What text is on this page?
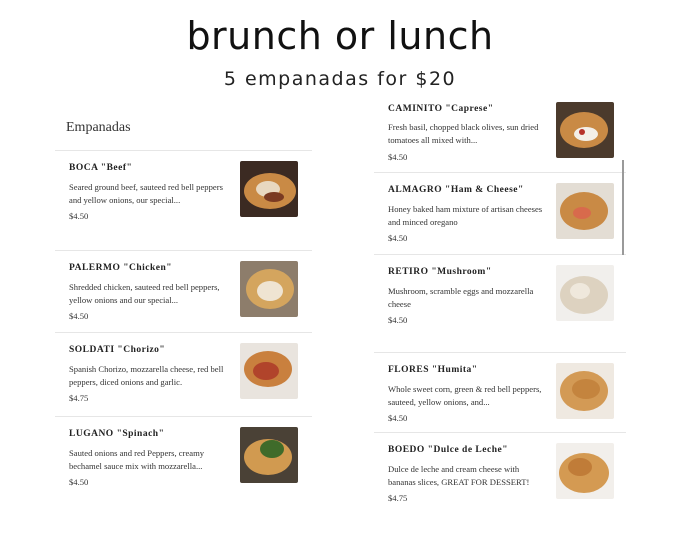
brunch or lunch
5 empanadas for $20
Empanadas
BOCA "Beef"
Seared ground beef, sauteed red bell peppers and yellow onions, our special...
$4.50
PALERMO "Chicken"
Shredded chicken, sauteed red bell peppers, yellow onions and our special...
$4.50
SOLDATI "Chorizo"
Spanish Chorizo, mozzarella cheese, red bell peppers, diced onions and garlic.
$4.75
LUGANO "Spinach"
Sauted onions and red Peppers, creamy bechamel sauce mix with mozzarella...
$4.50
CAMINITO "Caprese"
Fresh basil, chopped black olives, sun dried tomatoes all mixed with...
$4.50
ALMAGRO "Ham & Cheese"
Honey baked ham mixture of artisan cheeses and minced oregano
$4.50
RETIRO "Mushroom"
Mushroom, scramble eggs and mozzarella cheese
$4.50
FLORES "Humita"
Whole sweet corn, green & red bell peppers, sauteed, yellow onions, and...
$4.50
BOEDO "Dulce de Leche"
Dulce de leche and cream cheese with bananas slices, GREAT FOR DESSERT!
$4.75
